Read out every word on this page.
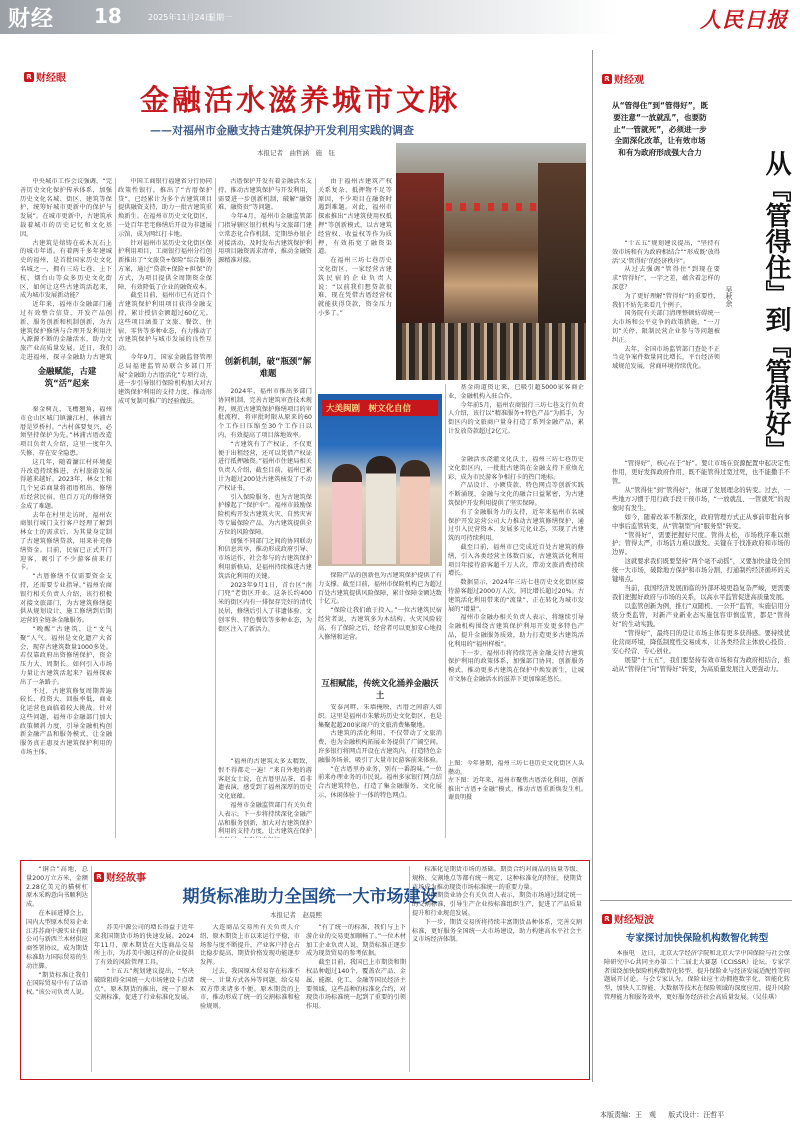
财经 18	2025年11月24日
星期一	人民日报
R 财经眼
金融活水滋养城市文脉
——对福州市金融支持古建筑保护开发利用实践的调查
本报记者　曲哲涵　施　钰

中央城市工作会议强调，“完善历史文化保护传承体系，加强历史文化名城、街区、建筑等保护，统筹好城市更新中的保护与发展”。在城市更新中，古建筑承载着城市的历史记忆和文化基因。

古建筑是熔铸在砖木瓦石上的城市年谱。有着两千多年建城史的福州，是首批国家历史文化名城之一，拥有三坊七巷、上下杭、烟台山等众多历史文化街区，如何让这些古建筑活起来，成为城市发展新动能？

近年来，福州市金融部门通过有效整合信贷、开发产品创新、服务创新和机制创新，为古建筑保护修缮与合理开发利用注入源源不断的金融活水，助力文旅产业高质量发展。近日，我们走进福州，探寻金融助力古建筑

金融赋能，古建筑“活”起来

秦金树瓦，飞檐翘角，福州市仓山区城门镇濂江村，林浦古厝是罗桥村。“古村落要复兴，必须坚持保护为先。”林浦古厝改造项目负责人介绍，这里一度年久失修、存在安全隐患。

这几年，随着濂江村环境提升改造持续推进，古村旅游发展得越来越好。2023年，林女士和几个兄弟商量将祖厝租出、修缮后经营民宿，但百万元的修缮资金成了难题。

去年在村里走访时，福州农商银行城门支行客户经理了解到林女士的需求后，为其量身定制了古建筑修缮贷款，用来补充修缮资金。目前，民宿已正式开门迎客，吸引了不少游客前来打卡。

“古厝修缮不仅需要资金支持，还需要专业指导。”福州农商银行相关负责人介绍，该行积极对接文旅部门，为古建筑修缮提供从规划设计、施工修缮到后期运营的全链条金融服务。

“晚醒”古建筑，让“文气聚”人气。福州是文化遗产大省会，现存古建筑数量1000多处。若仅靠政府出资修缮保护，资金压力大、周期长。如何引入市场力量让古建筑活起来？福州探索出了一条路子。

不过，古建筑修复周期普遍较长、投资大、回报率低，商业化运营也面临着较大挑战。针对这些问题，福州市金融部门加大政策倾斜力度，引导金融机构创新金融产品和服务模式，让金融服务真正惠及古建筑保护利用的市场主体。

中国工商银行福建省分行协同政策性银行，推出了“古厝保护贷”，已经累计为多个古建筑项目提供融资支持，助力一批古建筑重焕新生。在福州市历史文化街区，一处百年老宅修缮后开设为非遗展示馆，成为网红打卡地。

针对福州市某历史文化街区保护利用项目，工商银行福州分行创新推出了“文旅贷+保险”综合服务方案，通过“贷款+保险+担保”的方式，为项目提供全周期资金保障，有效降低了企业的融资成本。

截至目前，福州市已有近百个古建筑保护利用项目获得金融支持，累计授信金额超过60亿元。这些项目涵盖了文旅、餐饮、住宿、零售等多种业态，有力推动了古建筑保护与城市发展的良性互动。

今年9月，国家金融监督管理总局福建监管局联合多部门开展“金融助力古厝活化”专项行动，进一步引导银行保险机构加大对古建筑保护利用的支持力度，推动形成可复制可推广的经验做法。

古厝保护开发有着金融活水支持，推动古建筑保护与开发利用，需要进一步创新机制，破解“融资难、融资贵”等问题。

今年4月，福州市金融监管部门指导辖区银行机构与文旅部门建立常态化合作机制，定期举办银企对接活动，及时发布古建筑保护利用项目融资需求清单，推动金融资源精准对接。

由于福州古建筑产权关系复杂、抵押物不足等原因，不少项目在融资时遇到难题。对此，福州市探索推出“古建筑使用权抵押”等创新模式，以古建筑经营权、收益权等作为质押，有效拓宽了融资渠道。

在福州三坊七巷历史文化街区，一家经营古建筑民宿的企业负责人说：“以前我们想贷款很难，现在凭借古厝经营权就能获得贷款，资金压力小多了。”

创新机制，破“瓶颈”解难题

2024年，福州市推出多部门协同机制，完善古建筑审查技术规程，规范古建筑保护修缮项目的审批流程，将审批时限从原来的60个工作日压缩至30个工作日以内，有效提高了项目落地效率。

“古建筑有了产权证，不仅更便于出租经营，还可以凭借产权证进行抵押融资。”福州市住建局相关负责人介绍，截至目前，福州已累计为超过200处古建筑核发了不动产权证书。

引入保险服务，也为古建筑保护撑起了“保护伞”。福州市鼓励保险机构开发古建筑火灾、自然灾害等专属保险产品，为古建筑提供全方位的风险保障。

加强不同部门之间的协同联动和信息共享，推动形成政府引导、市场运作、社会参与的古建筑保护利用新格局，是福州持续推进古建筑活化利用的关键。

2023年9月1日，首台区“南门兜”老街区开业。这条长约400米的街区内有一排保存完好的清代民居，修缮后引入了非遗体验、文创零售、特色餐饮等多种业态，为街区注入了新活力。

大美闽剧　树文化自信

保险产品的创新也为古建筑保护提供了有力支撑。截至目前，福州市保险机构已为超过百处古建筑提供风险保障，累计保障金额达数十亿元。

“保险让我们敢于投入。”一位古建筑民宿经营者说，古建筑多为木结构，火灾风险较高，有了保险之后，经营者可以更加安心地投入修缮和运营。

互相赋能，传统文化涌养金融沃土

安泰河畔，朱墙掩映，古厝之间游人如织。这里是福州市朱紫坊历史文化街区，也是集聚起超200家商户的文旅消费集聚地。

古建筑的活化利用，不仅带动了文旅消费，也为金融机构拓展业务提供了广阔空间。许多银行将网点开设在古建筑内，打造特色金融服务场景，吸引了大量市民游客前来体验。

“在古厝里办业务，别有一番韵味。”一位前来办理业务的市民说。福州多家银行网点结合古建筑特色，打造了集金融服务、文化展示、休闲体验于一体的特色网点。

基金雨道资让来，已吸引超5000家客商企业，金融机构入驻合作。

今年前5月，福州农商银行三坊七巷支行负责人介绍，该行以“精准服务+特色产品”为抓手，为街区内的文旅商户量身打造了系列金融产品，累计发放贷款超过2亿元。

金融活水浇灌文化沃土，福州三坊七巷历史文化街区内，一批批古建筑在金融支持下重焕光彩，成为市民游客争相打卡的热门地标。

产品设计、小额贷款、特色网点等创新实践不断涌现，金融与文化的融合日益紧密，为古建筑保护开发利用提供了坚实保障。

有了金融服务力的支持，近年来福州市名城保护开发运营公司大力推动古建筑修缮保护，通过引入民营资本、发展多元化业态，实现了古建筑的可持续利用。

截至目前，福州市已完成近百处古建筑的修缮，引入各类经营主体数百家，古建筑活化利用项目年接待游客超千万人次，带动文旅消费持续增长。

数据显示，2024年三坊七巷历史文化街区接待游客超过2000万人次，同比增长超过20%。古建筑活化利用带来的“流量”，正在转化为城市发展的“增量”。

福州市金融办相关负责人表示，将继续引导金融机构围绕古建筑保护利用开发更多特色产品，提升金融服务质效，助力打造更多古建筑活化利用的“福州样板”。

下一步，福州市将持续完善金融支持古建筑保护利用的政策体系，加强部门协同，创新服务模式，推动更多古建筑在保护中焕发新生，让城市文脉在金融活水的滋养下更加绵延悠长。

“福州的古建筑太多太精致，恨不得都走一遍！”来自外地的游客赵女士说，在古厝里品茶、看非遗表演，感受到了福州深厚的历史文化底蕴。

福州市金融监管部门有关负责人表示，下一步将持续深化金融产品和服务创新，加大对古建筑保护利用的支持力度，让古建筑在保护

上图：今年暑期，福州三坊七巷历史文化街区人头攒动。
左下图：近年来，福州市聚焦古厝活化利用，创新推出“古厝+金融”模式，推动古厝重新焕发生机。　　谢贵明摄
R 财经观
从“管得住”到“管得好”，既要注意“一放就乱”，也要防止“一管就死”，必须进一步全面深化改革，让有效市场和有为政府形成强大合力	从『管得住』到『管得好』
吴秋余

“十五五”规划建议提出，“坚持有效市场和有为政府相结合”“形成既‘放得活’又‘管得好’的经济秩序”。

从过去强调“管得住”到现在要求“管得好”，一字之差，蕴含着怎样的深意？

为了更好理解“管得好”的重要性，我们不妨先来看几个例子。

国务院有关部门清理整顿妨碍统一大市场和公平竞争的政策措施，“一刀切”关停、限制民营企业参与等问题被纠正。

去年，全国市场监管部门查处不正当竞争案件数量同比增长，平台经济领域规范发展，营商环境持续优化。

“管得好”，核心在于“好”。要让市场在资源配置中起决定性作用，更好发挥政府作用，既不能管得过宽过死，也不能撒手不管。

从“管得住”到“管得好”，体现了发展理念的转变。过去，一些地方习惯于用行政手段干预市场，“一放就乱、一管就死”的现象时有发生。

如今，随着改革不断深化，政府管理方式正从事前审批向事中事后监管转变，从“管制型”向“服务型”转变。

“管得好”，需要把握好尺度。管得太松，市场秩序难以维护；管得太严，市场活力难以激发。关键在于找准政府和市场的边界。

这就要求我们既要坚持“两个毫不动摇”，又要加快建设全国统一大市场，破除地方保护和市场分割，打通制约经济循环的关键堵点。

当前，我国经济发展面临的外部环境更趋复杂严峻，更需要我们把握好政府与市场的关系，以高水平监管促进高质量发展。

以监管创新为例，推行“双随机、一公开”监管，实施信用分级分类监管，对新产业新业态实施包容审慎监管，都是“管得好”的生动实践。

“管得好”，最终目的是让市场主体有更多获得感。要持续优化营商环境，降低制度性交易成本，让各类经营主体放心投资、安心经营、专心创业。

展望“十五五”，我们要坚持有效市场和有为政府相结合，推动从“管得住”向“管得好”转变，为高质量发展注入更强动力。

R 财经短波
专家探讨加快保险机构数智化转型

本报电　近日，北京大学经济学院和北京大学中国保险与社会保障研究中心共同主办第二十二届北大赛瑟（CCISSR）论坛。专家学者围绕加快保险机构数智化转型、提升保险业与经济发展适配性等问题展开讨论。与会专家认为，保险业应主动拥抱数字化、智能化转型，加快人工智能、大数据等技术在保险领域的深度应用，提升风险管理能力和服务效率，更好服务经济社会高质量发展。（吴佳琪）

“铜合”高地，总量200万立方米，金额2.28亿美元的猫树杠原木采购意向书顺利达成。

在本届进博会上，国内大型原木贸易企业江苏苏商中源实业有限公司与新西兰木材供应商签署协议，成为期货标准助力国际贸易的生动注脚。

“期货标准让我们在国际贸易中有了话语权。”该公司负责人说。

R 财经故事
期货标准助力全国统一大市场建设
本报记者　赵晨熙

苏美中源公司的增长得益于近年来我国期货市场的快速发展。2024年11月，原木期货在大连商品交易所上市，为苏美中源这样的企业提供了有效的风险管理工具。

“十五五”规划建议提出，“坚决破除阻碍全国统一大市场建设卡点堵点”。原木期货的推出，统一了原木交割标准，促进了行业标准化发展。

大连商品交易所有关负责人介绍，原木期货上市以来运行平稳，市场参与度不断提升，产业客户持仓占比稳步提高，期货价格发现功能逐步发挥。

过去，我国原木贸易存在标准不统一、计量方式各异等问题，给交易双方带来诸多不便。原木期货的上市，推动形成了统一的交割标准和检验规则。

“有了统一的标准，我们与上下游企业的交易更加顺畅了。”一位木材加工企业负责人说，期货标准正逐步成为现货贸易的参考依据。

截至目前，我国已上市期货和期权品种超过140个，覆盖农产品、金属、能源、化工、金融等国民经济主要领域。这些品种的标准化合约，对现货市场标准统一起到了重要的引领作用。

标准化是期货市场的基础。期货合约对商品的质量等级、规格、交割地点等都有统一规定，这种标准化的特征，使期货市场成为推动现货市场标准统一的重要力量。

中国期货业协会有关负责人表示，期货市场通过制定统一的交割标准，引导生产企业按标准组织生产，促进了产品质量提升和行业规范发展。

下一步，期货交易所将持续丰富期货品种体系，完善交割标准，更好服务全国统一大市场建设，助力构建高水平社会主义市场经济体制。

本版责编：王　观 版式设计：汪哲平
